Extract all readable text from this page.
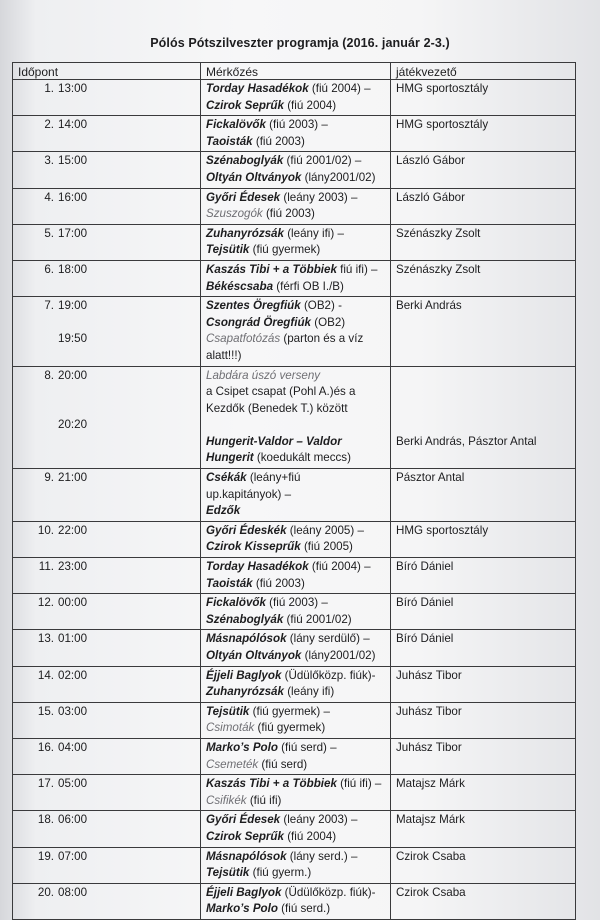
Pólós Pótszilveszter programja (2016. január 2-3.)
Időpont	Mérkőzés	játékvezető
1. 13:00	Torday Hasadékok (fiú 2004) –
Czirok Seprűk (fiú 2004)	HMG sportosztály
2. 14:00	Fickalövők (fiú 2003) –
Taoisták (fiú 2003)	HMG sportosztály
3. 15:00	Szénaboglyák (fiú 2001/02) –
Oltyán Oltványok (lány2001/02)	László Gábor
4. 16:00	Győri Édesek (leány 2003) –
Szuszogók (fiú 2003)	László Gábor
5. 17:00	Zuhanyrózsák (leány ifi) –
Tejsütik (fiú gyermek)	Szénászky Zsolt
6. 18:00	Kaszás Tibi + a Többiek fiú ifi) –
Békéscsaba (férfi OB I./B)	Szénászky Zsolt

7. 19:00
19:50	Szentes Öregfiúk (OB2) -
Csongrád Öregfiúk (OB2)
Csapatfotózás (parton és a víz
alatt!!!)	Berki András

8. 20:00
20:20	Labdára úszó verseny
a Csipet csapat (Pohl A.)és a
Kezdők (Benedek T.) között
Hungerit-Valdor – Valdor
Hungerit (koedukált meccs)	Berki András, Pásztor Antal

9. 21:00	Csékák (leány+fiú
up.kapitányok) –
Edzők	Pásztor Antal
10. 22:00	Győri Édeskék (leány 2005) –
Czirok Kisseprűk (fiú 2005)	HMG sportosztály
11. 23:00	Torday Hasadékok (fiú 2004) –
Taoisták (fiú 2003)	Bíró Dániel
12. 00:00	Fickalövők (fiú 2003) –
Szénaboglyák (fiú 2001/02)	Bíró Dániel
13. 01:00	Másnapólósok (lány serdülő) –
Oltyán Oltványok (lány2001/02)	Bíró Dániel
14. 02:00	Éjjeli Baglyok (Üdülőközp. fiúk)-
Zuhanyrózsák (leány ifi)	Juhász Tibor
15. 03:00	Tejsütik (fiú gyermek) –
Csimoták (fiú gyermek)	Juhász Tibor
16. 04:00	Marko’s Polo (fiú serd) –
Csemeték (fiú serd)	Juhász Tibor
17. 05:00	Kaszás Tibi + a Többiek (fiú ifi) –
Csifikék (fiú ifi)	Matajsz Márk
18. 06:00	Győri Édesek (leány 2003) –
Czirok Seprűk (fiú 2004)	Matajsz Márk
19. 07:00	Másnapólósok (lány serd.) –
Tejsütik (fiú gyerm.)	Czirok Csaba
20. 08:00	Éjjeli Baglyok (Üdülőközp. fiúk)-
Marko’s Polo (fiú serd.)	Czirok Csaba
